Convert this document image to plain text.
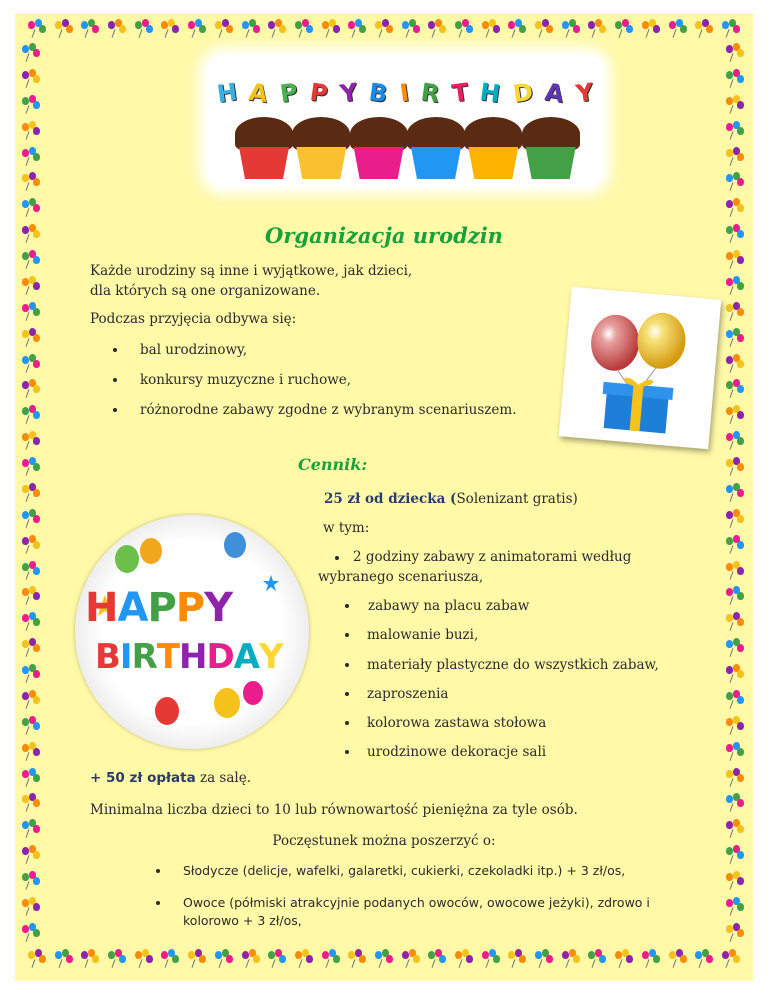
H A P P Y B I R T H D A Y
Organizacja urodzin
Każde urodziny są inne i wyjątkowe, jak dzieci,
dla których są one organizowane.
Podczas przyjęcia odbywa się:
bal urodzinowy,
konkursy muzyczne i ruchowe,
różnorodne zabawy zgodne z wybranym scenariuszem.
Cennik:
25 zł od dziecka (Solenizant gratis)
w tym:
2 godziny zabawy z animatorami według
wybranego scenariusza,
zabawy na placu zabaw
malowanie buzi,
materiały plastyczne do wszystkich zabaw,
zaproszenia
kolorowa zastawa stołowa
urodzinowe dekoracje sali
HAPPY
BIRTHDAY
+ 50 zł opłata za salę.
Minimalna liczba dzieci to 10 lub równowartość pieniężna za tyle osób.
Poczęstunek można poszerzyć o:
Słodycze (delicje, wafelki, galaretki, cukierki, czekoladki itp.) + 3 zł/os,
Owoce (półmiski atrakcyjnie podanych owoców, owocowe jeżyki), zdrowo i
kolorowo + 3 zł/os,
